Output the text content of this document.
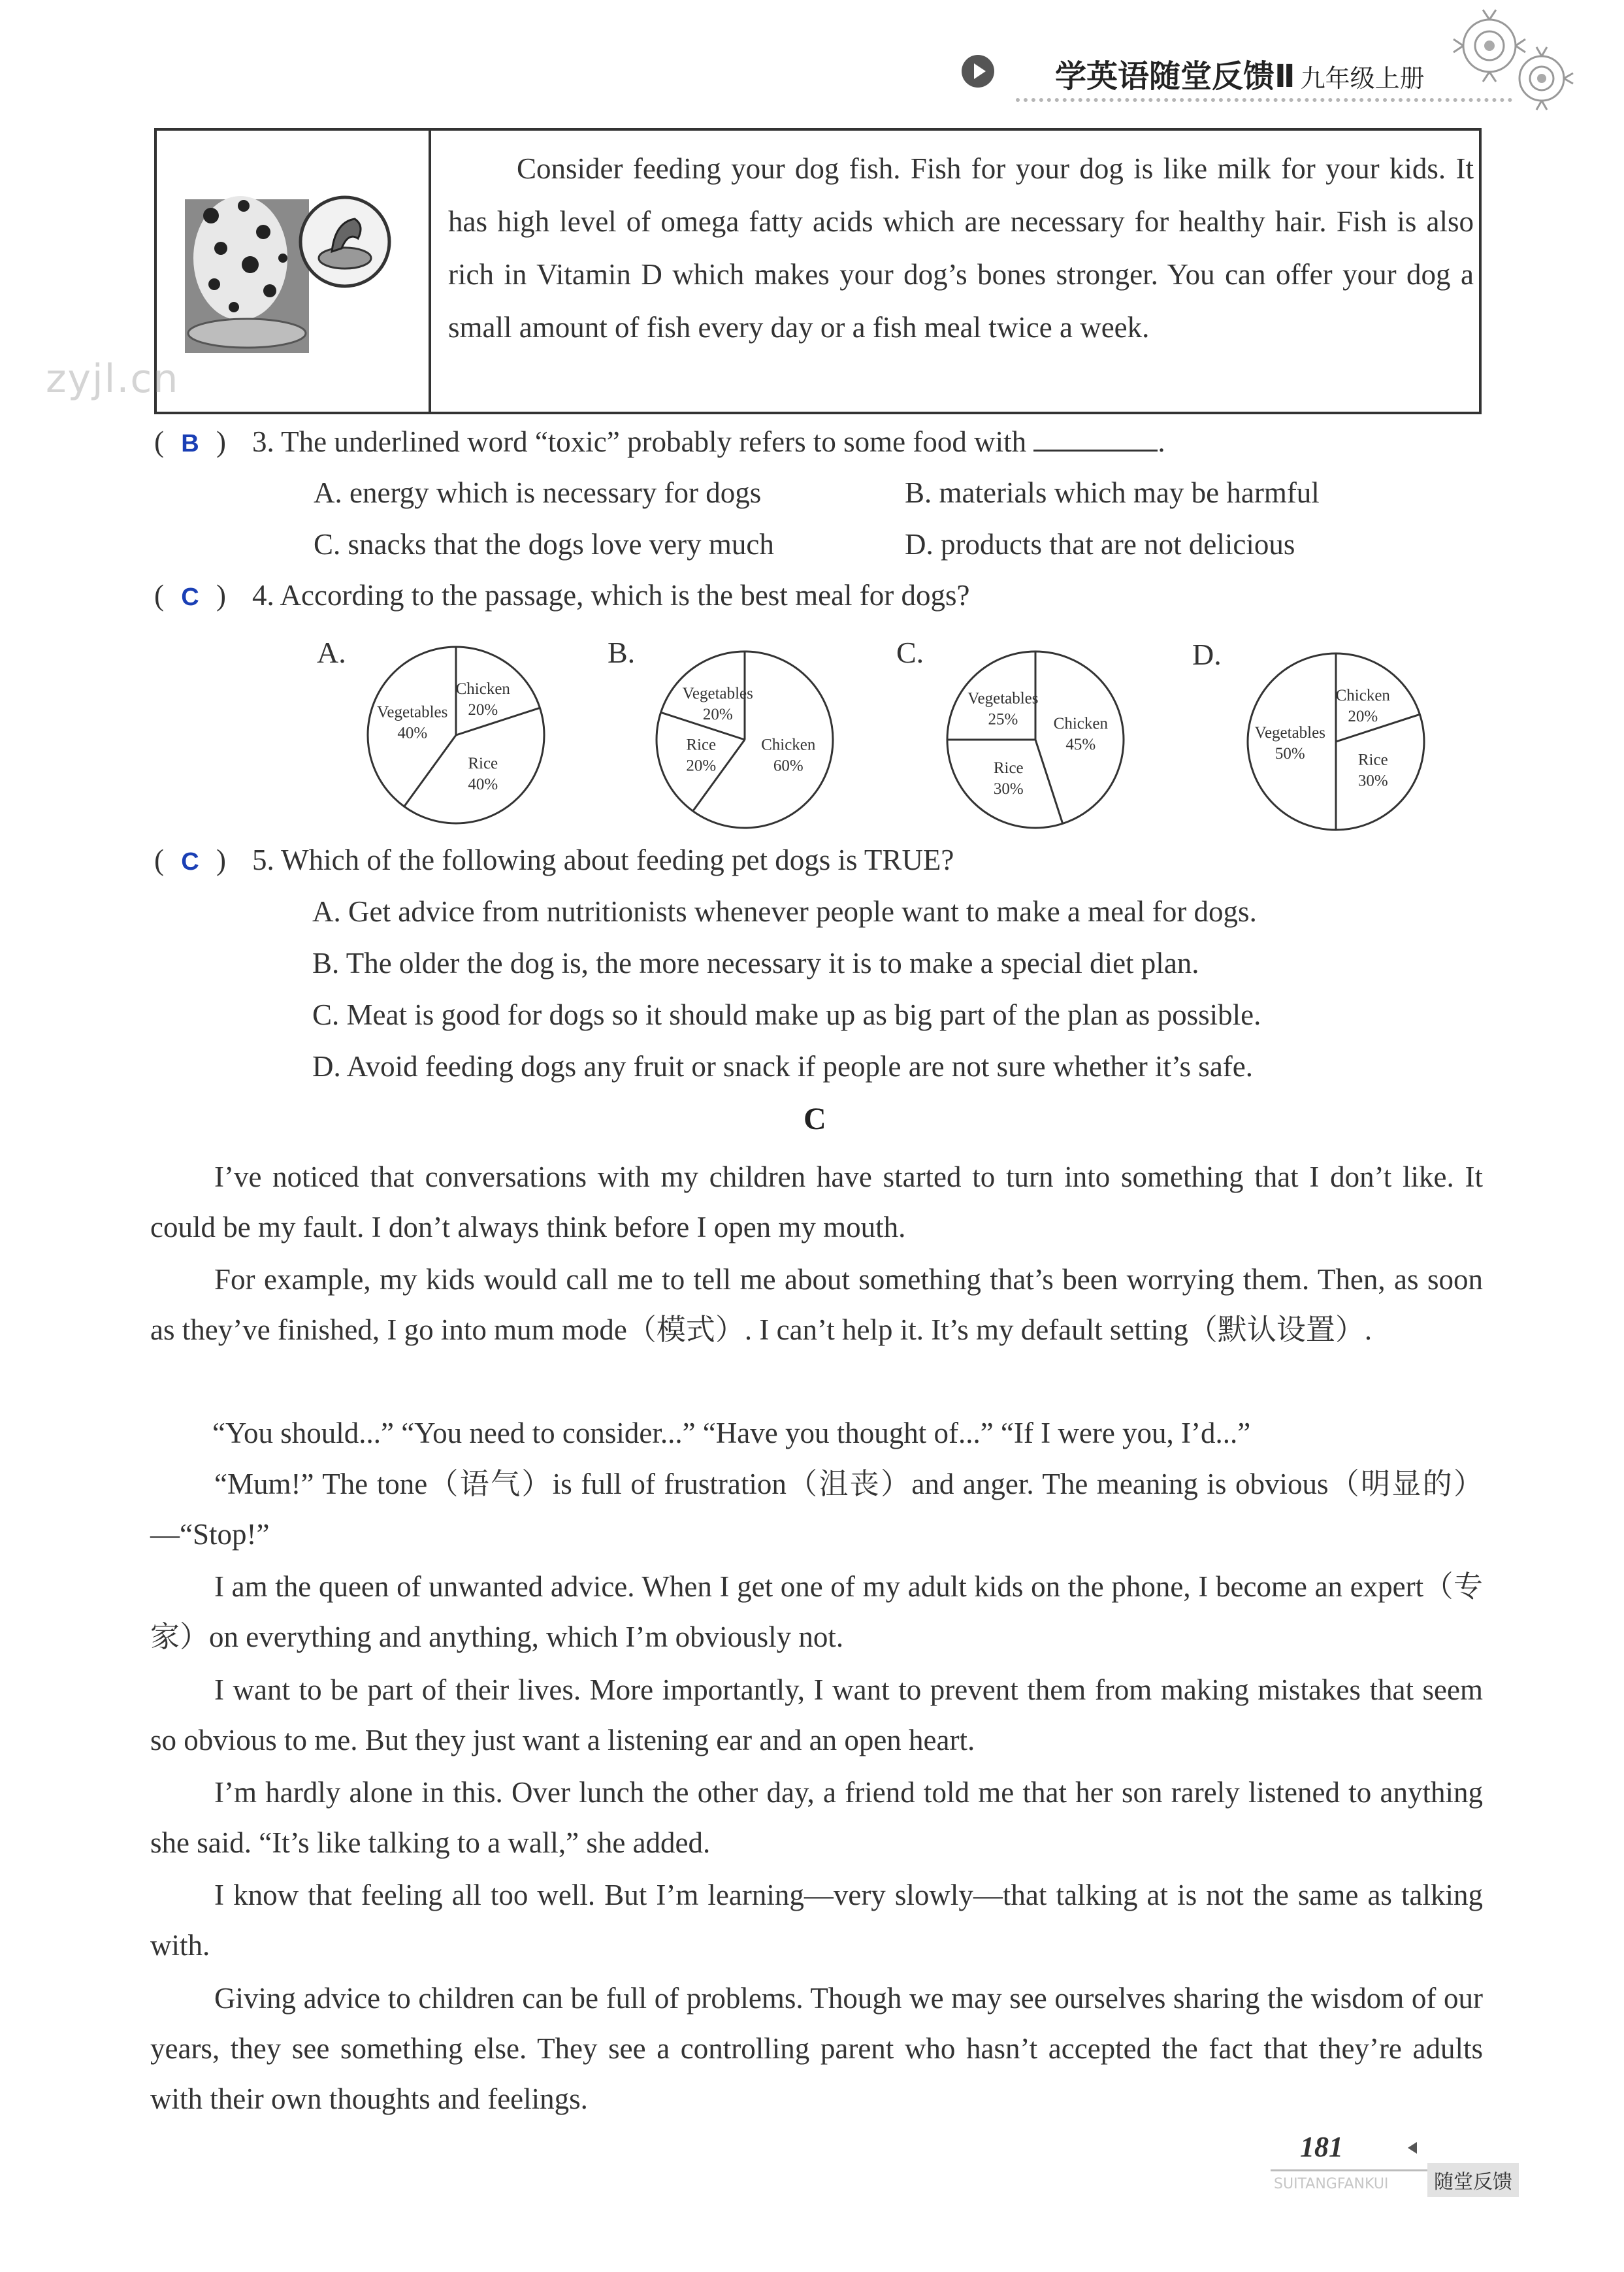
学英语随堂反馈Ⅱ 九年级上册
Consider feeding your dog fish. Fish for your dog is like milk for your kids. It has high level of omega fatty acids which are necessary for healthy hair. Fish is also rich in Vitamin D which makes your dog’s bones stronger. You can offer your dog a small amount of fish every day or a fish meal twice a week.
zyjl.cn
( B ) 3. The underlined word “toxic” probably refers to some food with	.
A. energy which is necessary for dogs	B. materials which may be harmful
C. snacks that the dogs love very much	D. products that are not delicious
( C ) 4. According to the passage, which is the best meal for dogs?
A.
Chicken
20%
Rice
40%
Vegetables
40%
B.
Chicken
60%
Rice
20%
Vegetables
20%
C.
Chicken
45%
Rice
30%
Vegetables
25%
D.
Chicken
20%
Rice
30%
Vegetables
50%
( C ) 5. Which of the following about feeding pet dogs is TRUE?
A. Get advice from nutritionists whenever people want to make a meal for dogs.
B. The older the dog is, the more necessary it is to make a special diet plan.
C. Meat is good for dogs so it should make up as big part of the plan as possible.
D. Avoid feeding dogs any fruit or snack if people are not sure whether it’s safe.
C
I’ve noticed that conversations with my children have started to turn into something that I don’t like. It could be my fault. I don’t always think before I open my mouth.
For example, my kids would call me to tell me about something that’s been worrying them. Then, as soon as they’ve finished, I go into mum mode（模式）. I can’t help it. It’s my default setting（默认设置）.
“You should...” “You need to consider...” “Have you thought of...” “If I were you, I’d...”
“Mum!” The tone（语气）is full of frustration（沮丧）and anger. The meaning is obvious（明显的）—“Stop!”
I am the queen of unwanted advice. When I get one of my adult kids on the phone, I become an expert（专家）on everything and anything, which I’m obviously not.
I want to be part of their lives. More importantly, I want to prevent them from making mistakes that seem so obvious to me. But they just want a listening ear and an open heart.
I’m hardly alone in this. Over lunch the other day, a friend told me that her son rarely listened to anything she said. “It’s like talking to a wall,” she added.
I know that feeling all too well. But I’m learning—very slowly—that talking at is not the same as talking with.
Giving advice to children can be full of problems. Though we may see ourselves sharing the wisdom of our years, they see something else. They see a controlling parent who hasn’t accepted the fact that they’re adults with their own thoughts and feelings.
181
SUITANGFANKUI	随堂反馈
